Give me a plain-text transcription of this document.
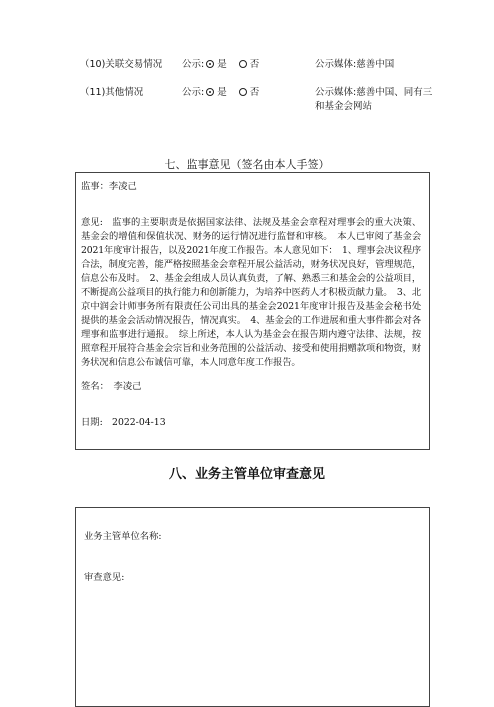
（10)关联交易情况 公示: 是 否	公示媒体:慈善中国
（11)其他情况	公示: 是 否	公示媒体:慈善中国、同有三和基金会网站
七、监事意见（签名由本人手签）
监事：李凌己
意见:　监事的主要职责是依据国家法律、法规及基金会章程对理事会的重大决策、基金会的增值和保值状况、财务的运行情况进行监督和审核。　本人已审阅了基金会2021年度审计报告，以及2021年度工作报告。本人意见如下：　1、理事会决议程序合法，制度完善，能严格按照基金会章程开展公益活动，财务状况良好，管理规范，信息公布及时。　2、基金会组成人员认真负责，了解、熟悉三和基金会的公益项目，不断提高公益项目的执行能力和创新能力，为培养中医药人才积极贡献力量。　3、北京中润会计师事务所有限责任公司出具的基金会2021年度审计报告及基金会秘书处提供的基金会活动情况报告，情况真实。　4、基金会的工作进展和重大事件都会对各理事和监事进行通报。　综上所述，本人认为基金会在报告期内遵守法律、法规，按照章程开展符合基金会宗旨和业务范围的公益活动、接受和使用捐赠款项和物资，财务状况和信息公布诚信可靠，本人同意年度工作报告。
签名：　李凌己
日期:　2022-04-13
八、业务主管单位审查意见
业务主管单位名称:
审查意见:
